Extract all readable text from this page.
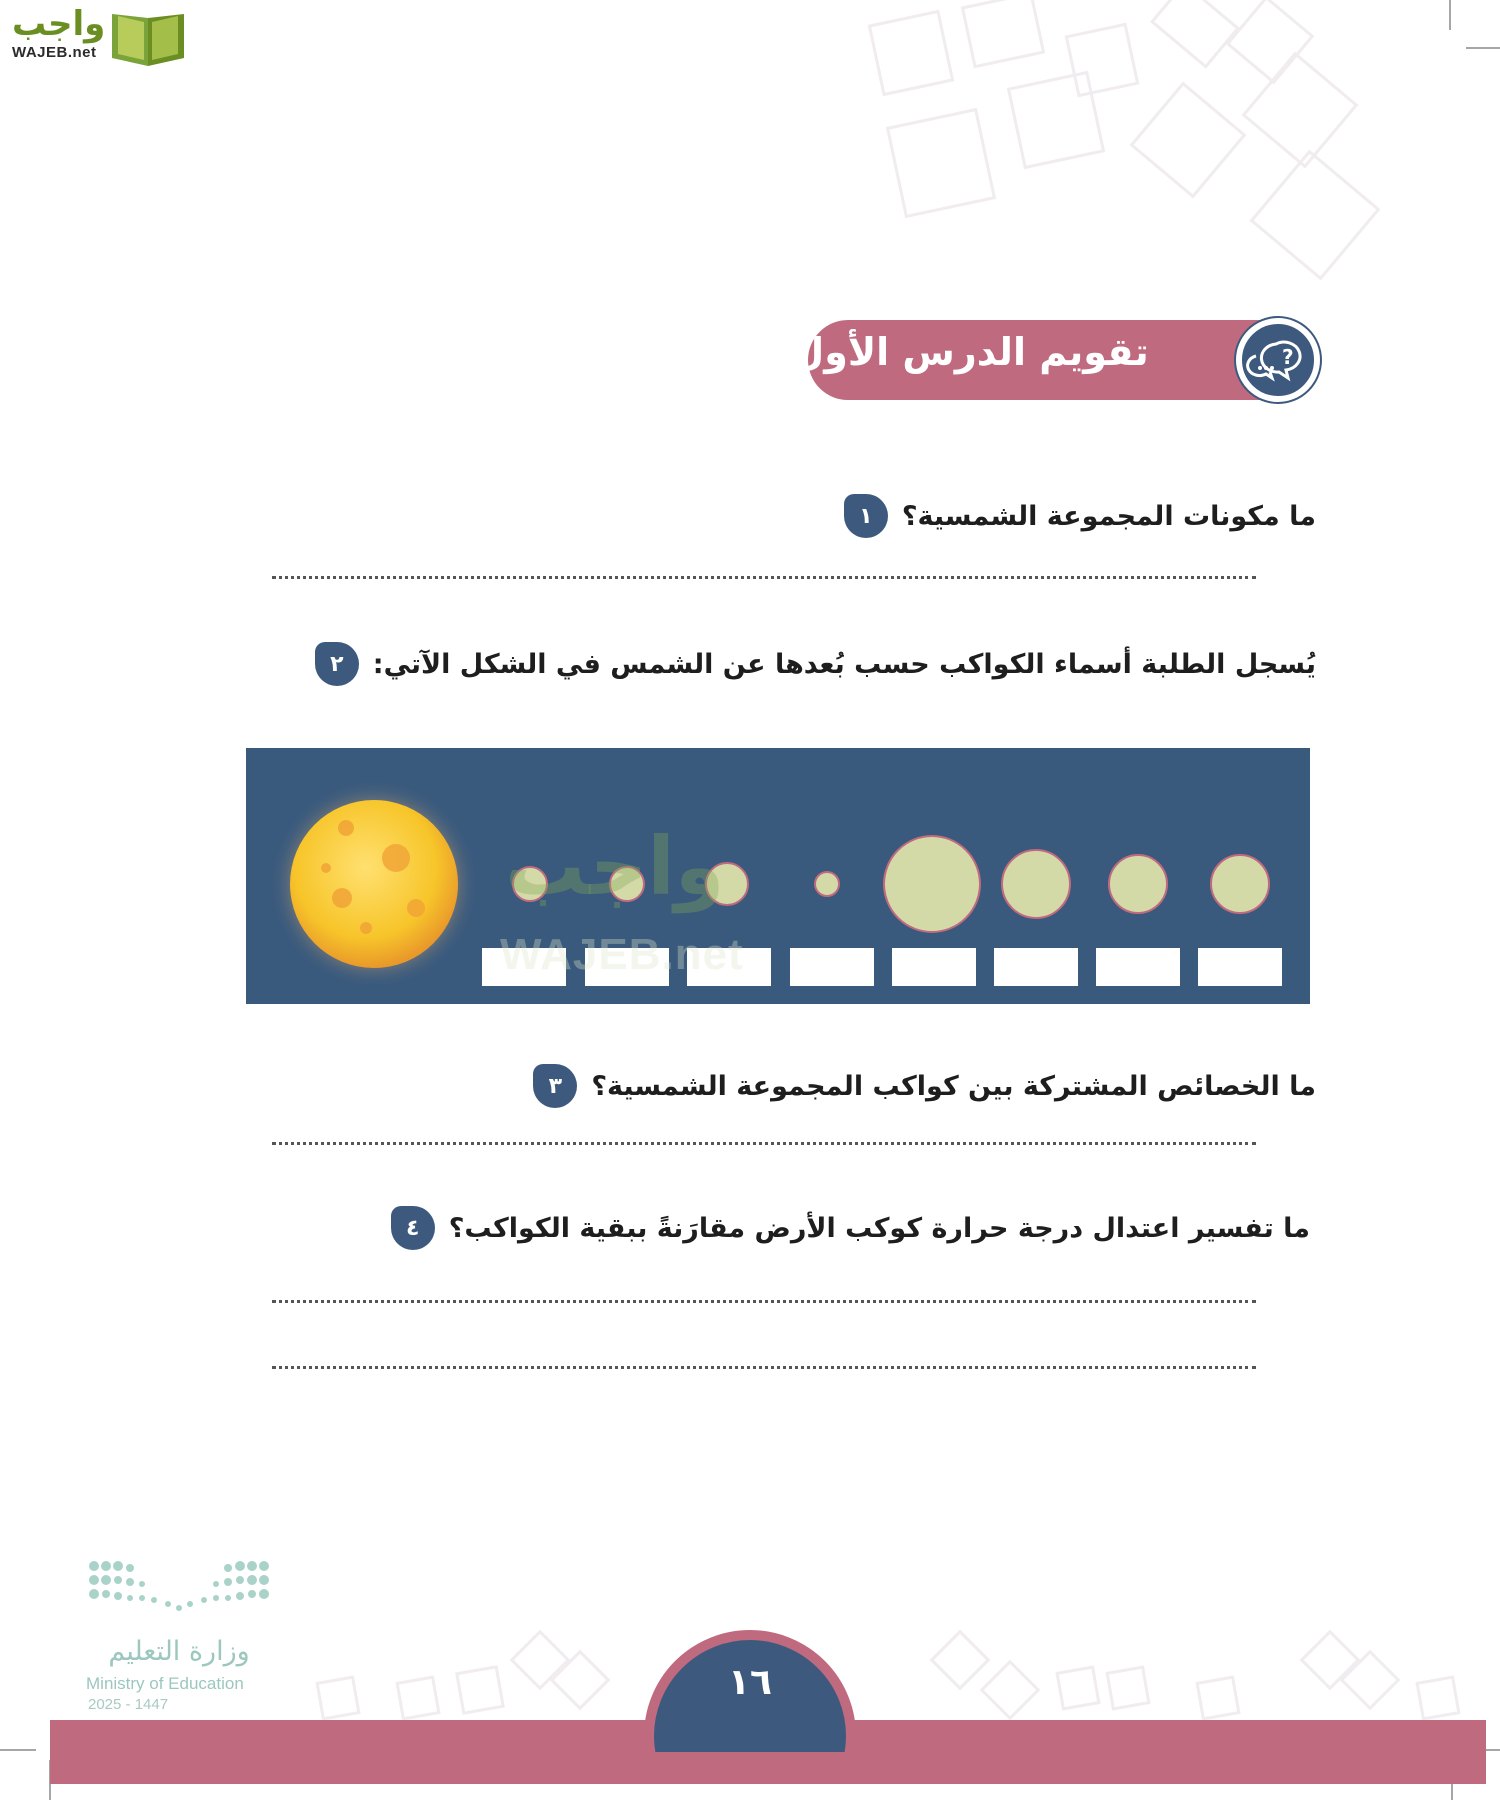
واجب
WAJEB.net
تقويم الدرس الأول	?
١	ما مكونات المجموعة الشمسية؟
٢	يُسجل الطلبة أسماء الكواكب حسب بُعدها عن الشمس في الشكل الآتي:
واجب
WAJEB.net
٣	ما الخصائص المشتركة بين كواكب المجموعة الشمسية؟
٤	ما تفسير اعتدال درجة حرارة كوكب الأرض مقارَنةً ببقية الكواكب؟
وزارة التعليم
Ministry of Education
2025 - 1447
١٦
